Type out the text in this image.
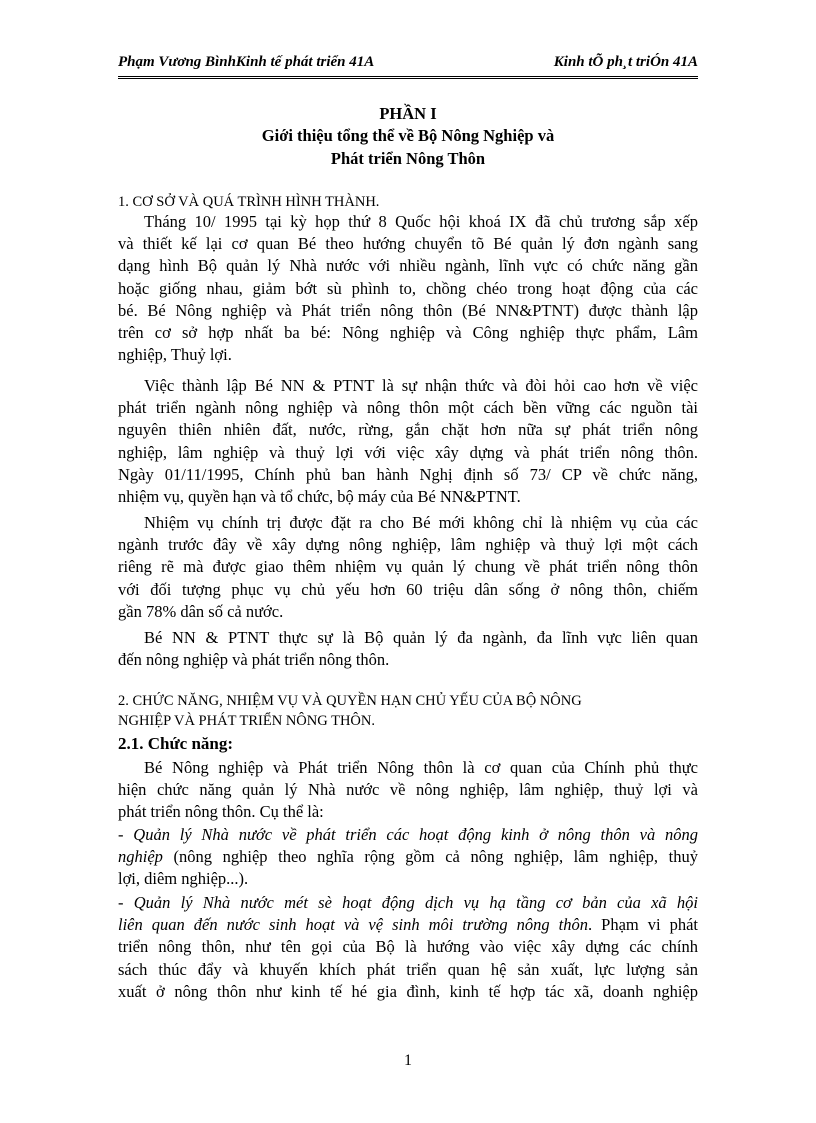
Phạm Vương BìnhKinh tế phát triển 41A	Kinh tÕ ph¸t triÓn 41A
PHẦN I
Giới thiệu tổng thể về Bộ Nông Nghiệp và
Phát triển Nông Thôn
1. CƠ SỞ VÀ QUÁ TRÌNH HÌNH THÀNH.
Tháng 10/ 1995 tại kỳ họp thứ 8 Quốc hội khoá IX đã chủ trương sắp xếp
và thiết kế lại cơ quan Bé theo hướng chuyển tõ Bé quản lý đơn ngành sang
dạng hình Bộ quản lý Nhà nước với nhiều ngành, lĩnh vực có chức năng gần
hoặc giống nhau, giảm bớt sù phình to, chồng chéo trong hoạt động của các
bé. Bé Nông nghiệp và Phát triển nông thôn (Bé NN&PTNT) được thành lập
trên cơ sở hợp nhất ba bé: Nông nghiệp và Công nghiệp thực phẩm, Lâm
nghiệp, Thuỷ lợi.
Việc thành lập Bé NN & PTNT là sự nhận thức và đòi hỏi cao hơn về việc
phát triển ngành nông nghiệp và nông thôn một cách bền vững các nguồn tài
nguyên thiên nhiên đất, nước, rừng, gắn chặt hơn nữa sự phát triển nông
nghiệp, lâm nghiệp và thuỷ lợi với việc xây dựng và phát triển nông thôn.
Ngày 01/11/1995, Chính phủ ban hành Nghị định số 73/ CP về chức năng,
nhiệm vụ, quyền hạn và tổ chức, bộ máy của Bé NN&PTNT.
Nhiệm vụ chính trị được đặt ra cho Bé mới không chỉ là nhiệm vụ của các
ngành trước đây về xây dựng nông nghiệp, lâm nghiệp và thuỷ lợi một cách
riêng rẽ mà được giao thêm nhiệm vụ quản lý chung về phát triển nông thôn
với đối tượng phục vụ chủ yếu hơn 60 triệu dân sống ở nông thôn, chiếm
gần 78% dân số cả nước.
Bé NN & PTNT thực sự là Bộ quản lý đa ngành, đa lĩnh vực liên quan
đến nông nghiệp và phát triển nông thôn.
2. CHỨC NĂNG, NHIỆM VỤ VÀ QUYỀN HẠN CHỦ YẾU CỦA BỘ NÔNG
NGHIỆP VÀ PHÁT TRIỂN NÔNG THÔN.
2.1. Chức năng:
Bé Nông nghiệp và Phát triển Nông thôn là cơ quan của Chính phủ thực
hiện chức năng quản lý Nhà nước về nông nghiệp, lâm nghiệp, thuỷ lợi và
phát triển nông thôn. Cụ thể là:
- Quản lý Nhà nước về phát triển các hoạt động kinh ở nông thôn và nông
nghiệp (nông nghiệp theo nghĩa rộng gồm cả nông nghiệp, lâm nghiệp, thuỷ
lợi, diêm nghiệp...).
- Quản lý Nhà nước mét sè hoạt động dịch vụ hạ tầng cơ bản của xã hội
liên quan đến nước sinh hoạt và vệ sinh môi trường nông thôn. Phạm vi phát
triển nông thôn, như tên gọi của Bộ là hướng vào việc xây dựng các chính
sách thúc đẩy và khuyến khích phát triển quan hệ sản xuất, lực lượng sản
xuất ở nông thôn như kinh tế hé gia đình, kinh tế hợp tác xã, doanh nghiệp
1
